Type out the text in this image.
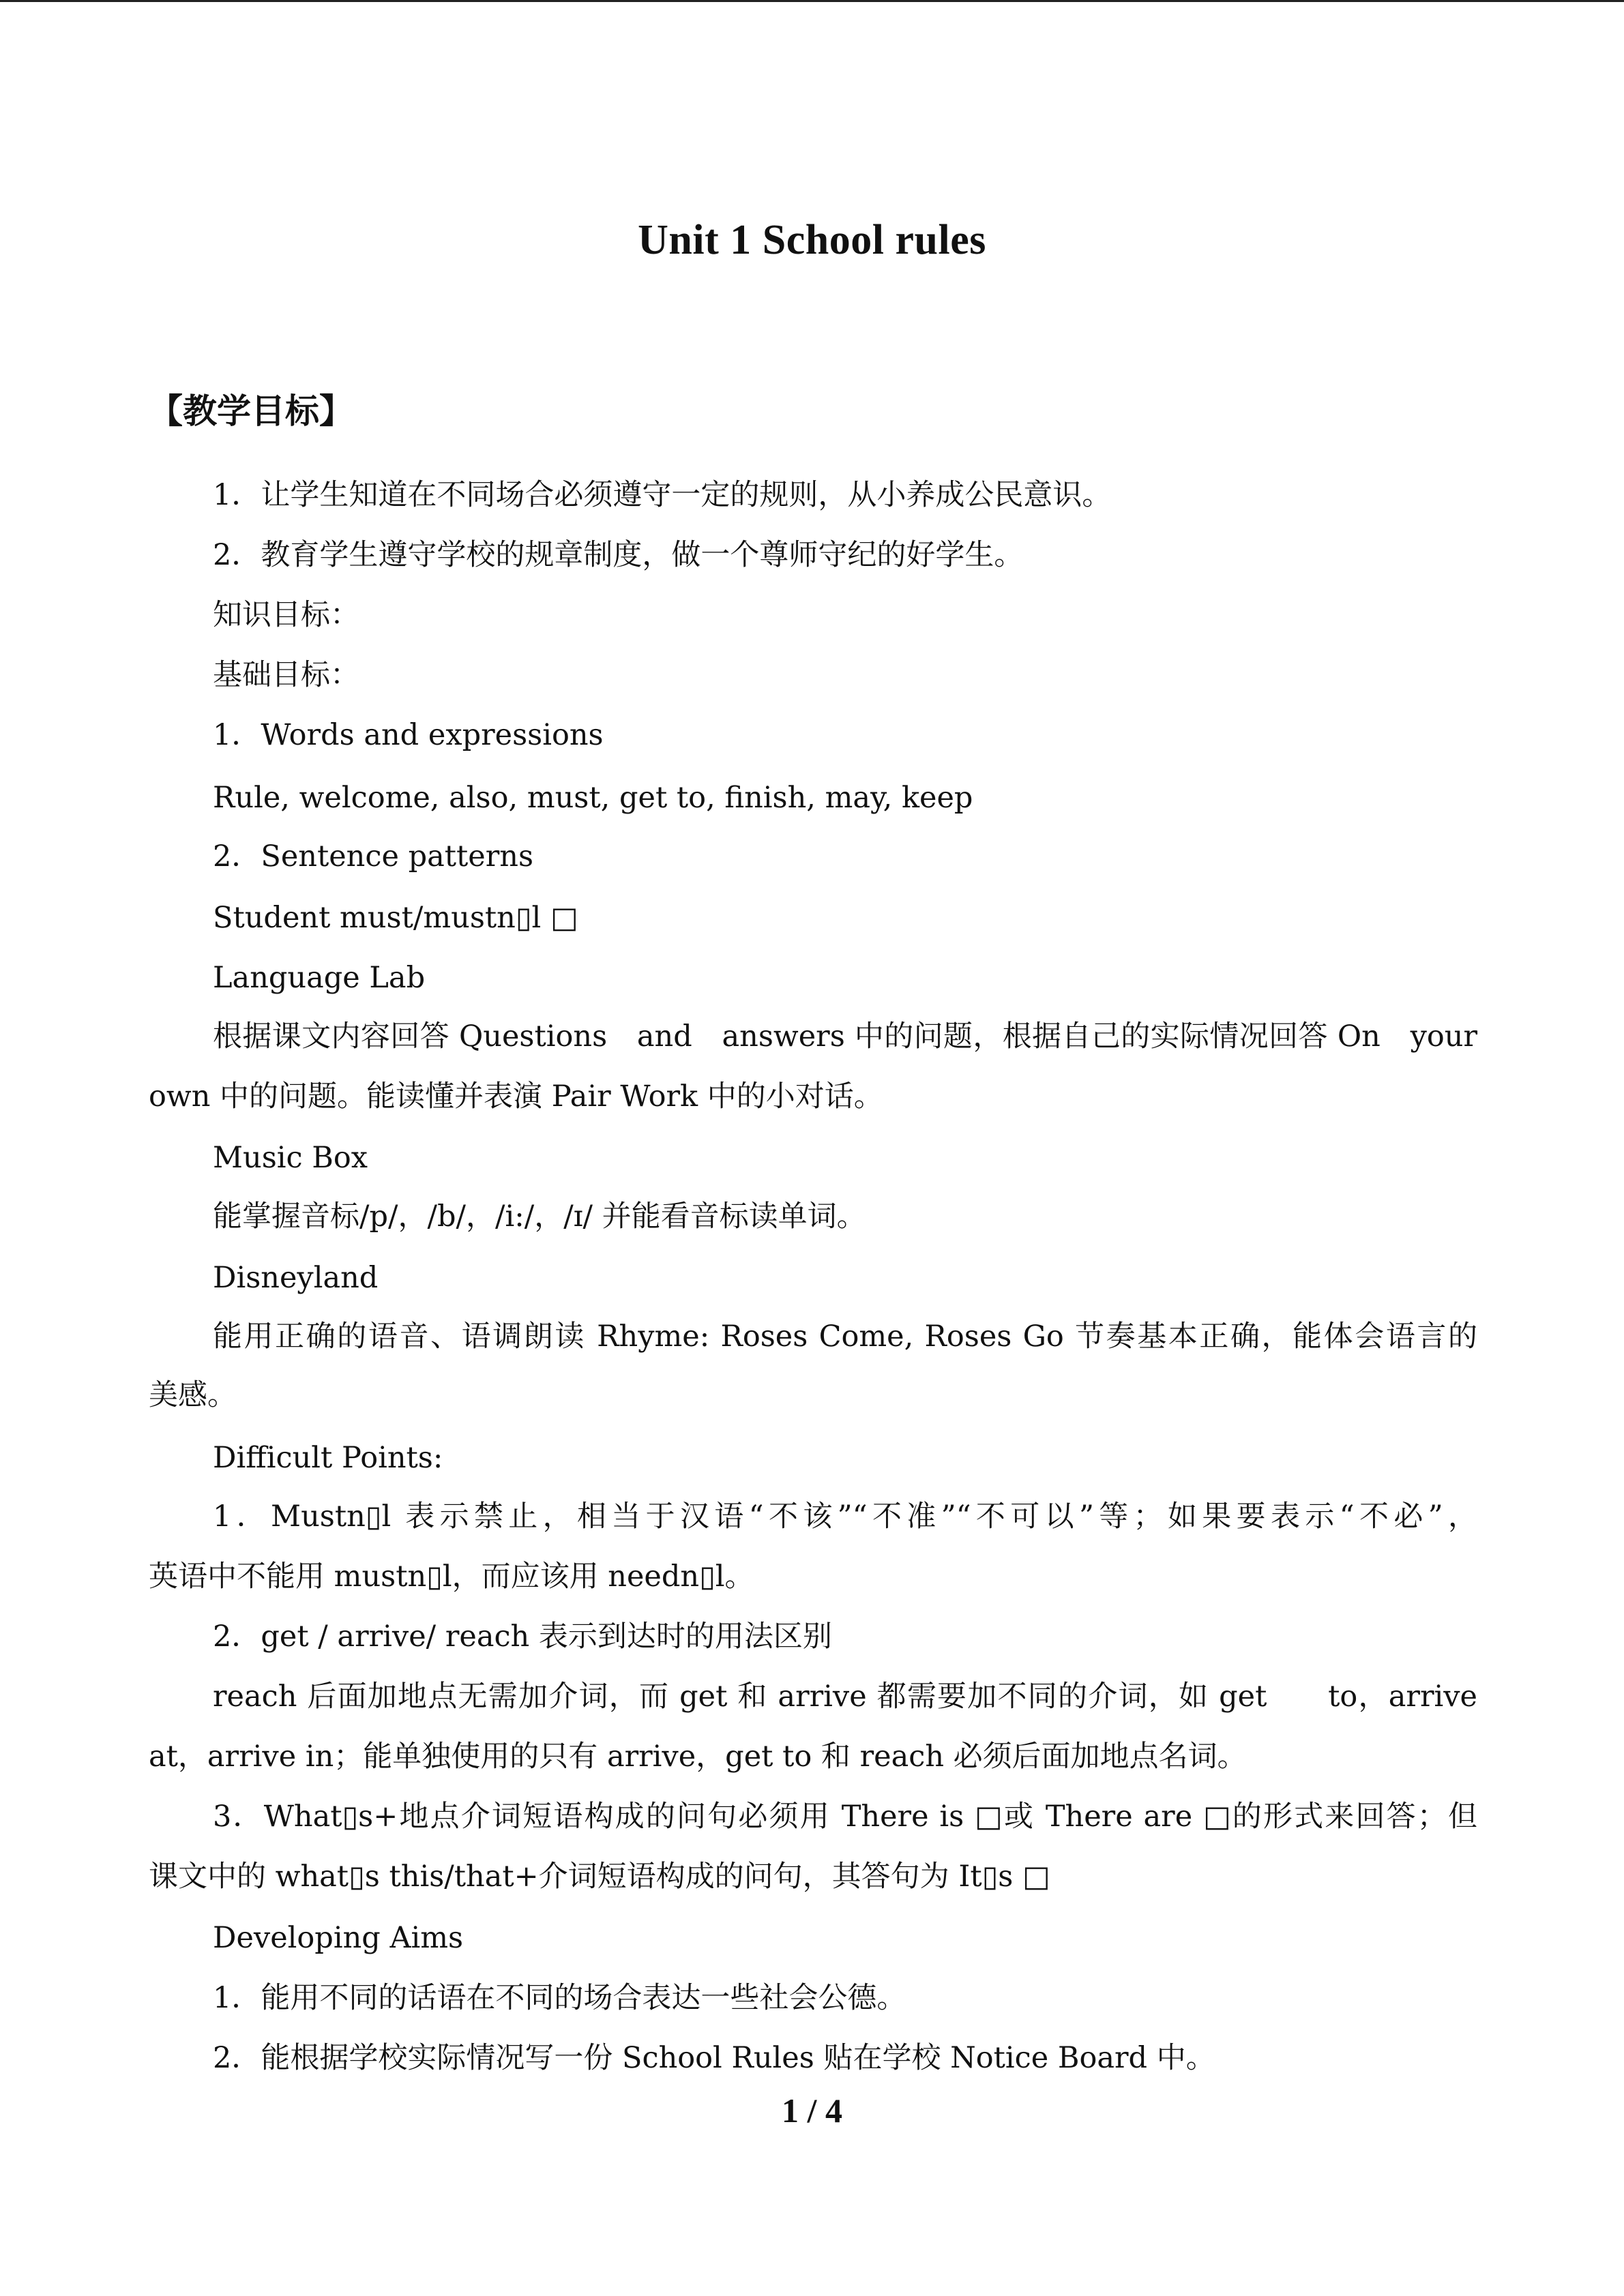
Unit 1 School rules
【教学目标】
1．让学生知道在不同场合必须遵守一定的规则，从小养成公民意识。
2．教育学生遵守学校的规章制度，做一个尊师守纪的好学生。
知识目标：
基础目标：
1．Words and expressions
Rule, welcome, also, must, get to, finish, may, keep
2．Sentence patterns
Student must/mustn▯l □
Language Lab
根据课文内容回答 Questions　and　answers 中的问题，根据自己的实际情况回答 On　your
own 中的问题。能读懂并表演 Pair Work 中的小对话。
Music Box
能掌握音标/p/，/b/，/i:/，/ɪ/ 并能看音标读单词。
Disneyland
能用正确的语音、语调朗读 Rhyme: Roses Come, Roses Go 节奏基本正确，能体会语言的
美感。
Difficult Points:
1．Mustn▯l 表示禁止，相当于汉语“不该”“不准”“不可以”等；如果要表示“不必”，
英语中不能用 mustn▯l，而应该用 needn▯l。
2．get / arrive/ reach 表示到达时的用法区别
reach 后面加地点无需加介词，而 get 和 arrive 都需要加不同的介词，如 get　　to，arrive
at，arrive in；能单独使用的只有 arrive，get to 和 reach 必须后面加地点名词。
3．What▯s+地点介词短语构成的问句必须用 There is □或 There are □的形式来回答；但
课文中的 what▯s this/that+介词短语构成的问句，其答句为 It▯s □
Developing Aims
1．能用不同的话语在不同的场合表达一些社会公德。
2．能根据学校实际情况写一份 School Rules 贴在学校 Notice Board 中。
1 / 4
